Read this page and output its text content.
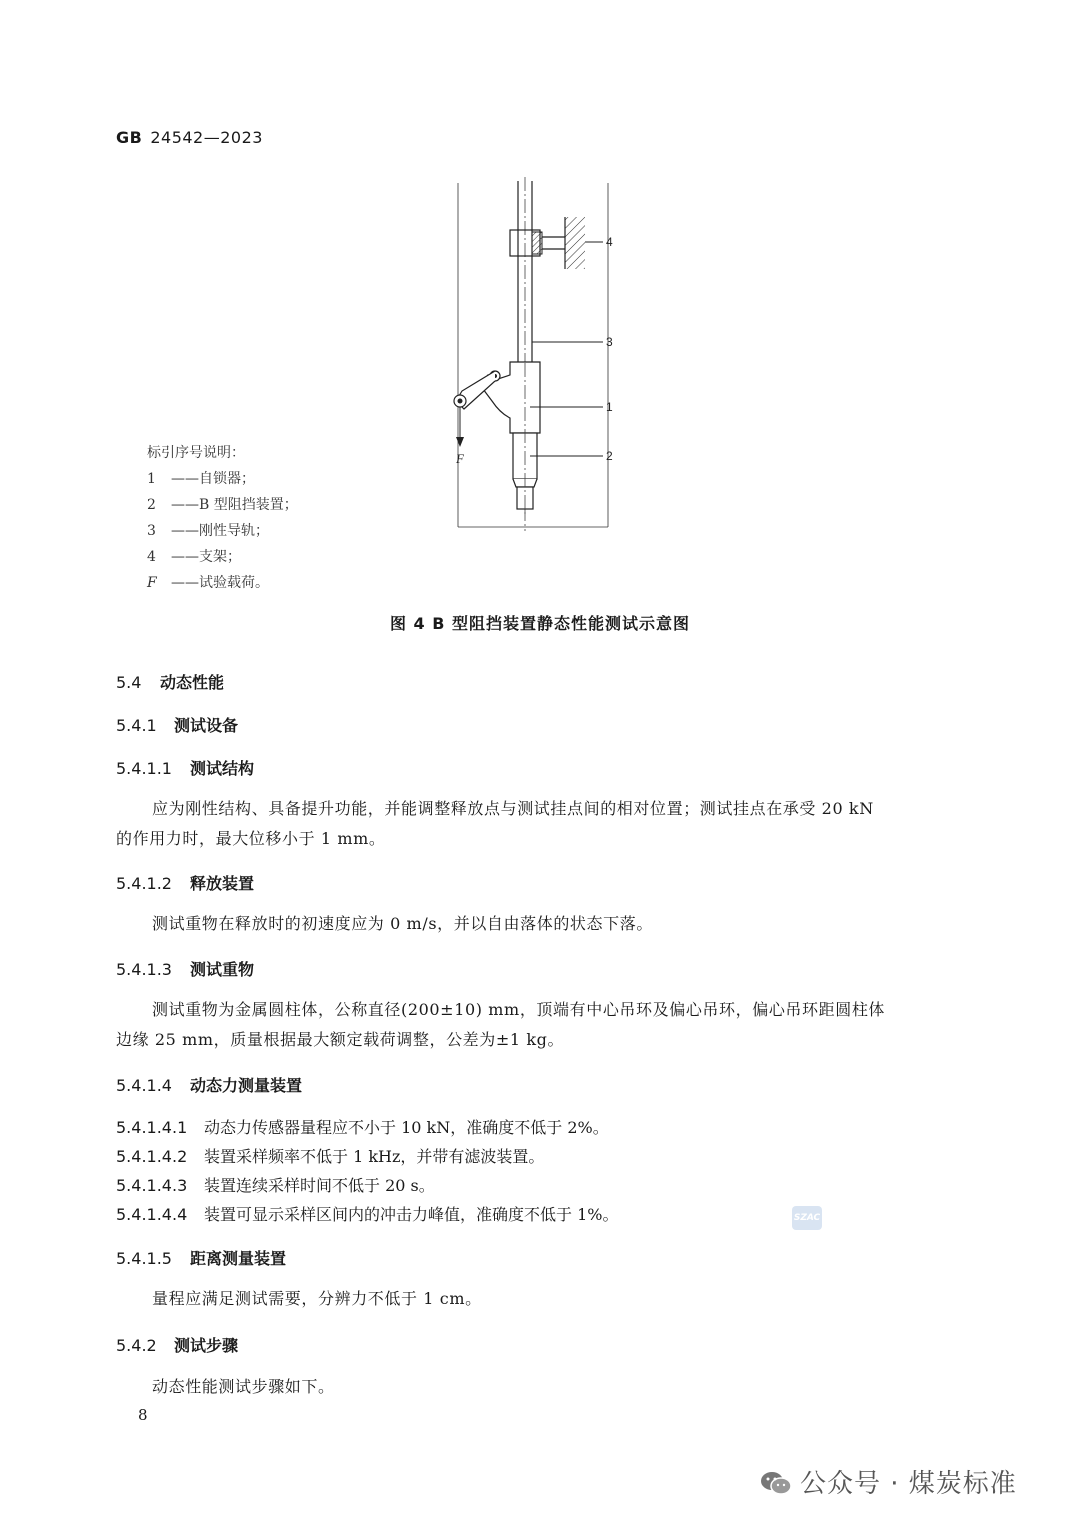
GB 24542—2023
F
4
3
1
2
标引序号说明：
1 ——自锁器；
2 ——B 型阻挡装置；
3 ——刚性导轨；
4 ——支架；
F ——试验载荷。
图 4 B 型阻挡装置静态性能测试示意图
5.4 动态性能
5.4.1 测试设备
5.4.1.1 测试结构
应为刚性结构、具备提升功能，并能调整释放点与测试挂点间的相对位置；测试挂点在承受 20 kN
的作用力时，最大位移小于 1 mm。
5.4.1.2 释放装置
测试重物在释放时的初速度应为 0 m/s，并以自由落体的状态下落。
5.4.1.3 测试重物
测试重物为金属圆柱体，公称直径(200±10) mm，顶端有中心吊环及偏心吊环，偏心吊环距圆柱体
边缘 25 mm，质量根据最大额定载荷调整，公差为±1 kg。
5.4.1.4 动态力测量装置
5.4.1.4.1 动态力传感器量程应不小于 10 kN，准确度不低于 2%。
5.4.1.4.2 装置采样频率不低于 1 kHz，并带有滤波装置。
5.4.1.4.3 装置连续采样时间不低于 20 s。
5.4.1.4.4 装置可显示采样区间内的冲击力峰值，准确度不低于 1%。	SZAC
5.4.1.5 距离测量装置
量程应满足测试需要，分辨力不低于 1 cm。
5.4.2 测试步骤
动态性能测试步骤如下。
8
公众号 · 煤炭标准
